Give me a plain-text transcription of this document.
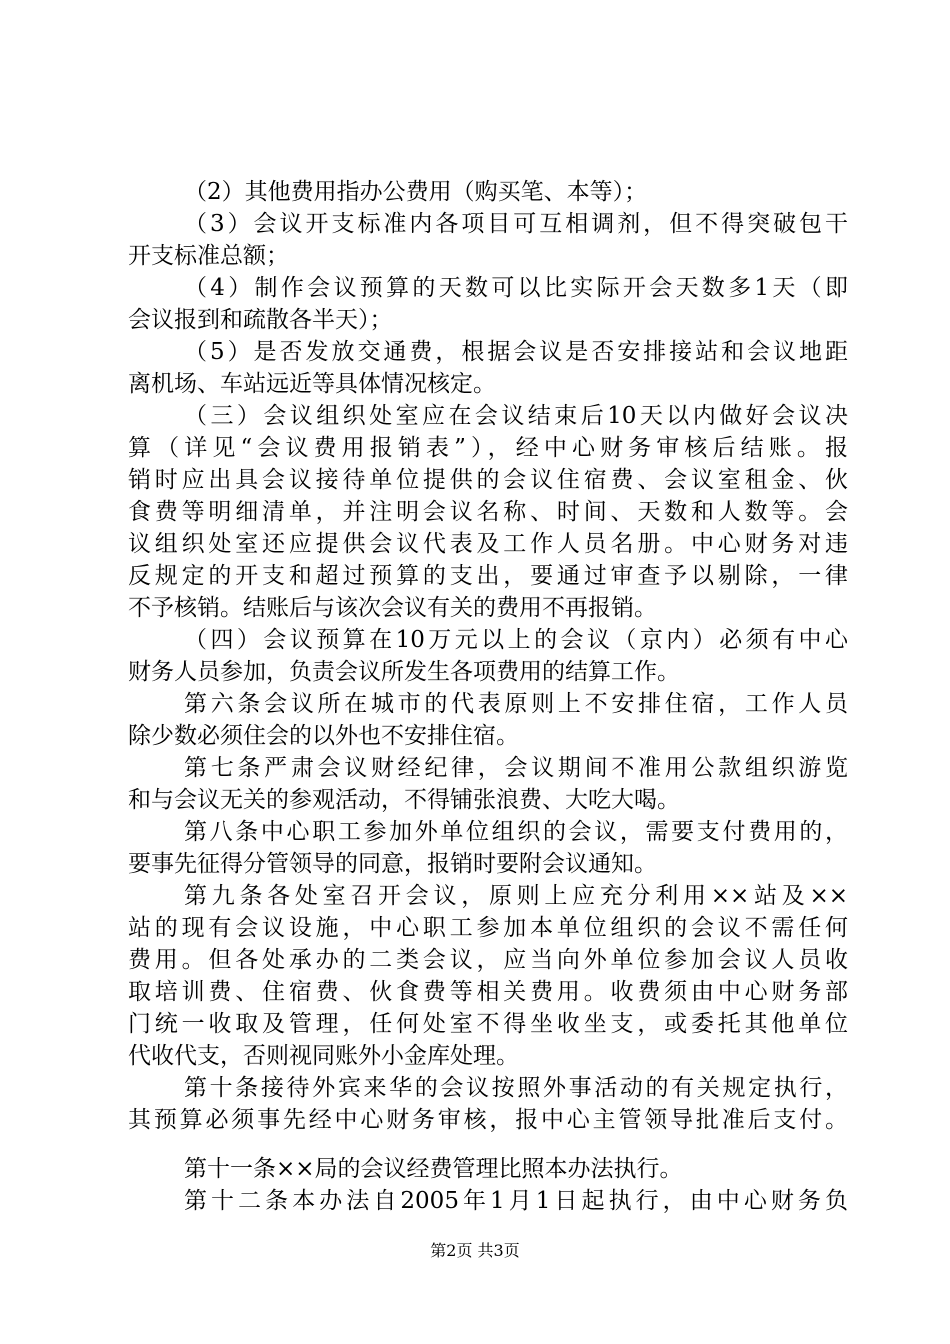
（2）其他费用指办公费用（购买笔、本等）；
（3）会议开支标准内各项目可互相调剂，但不得突破包干
开支标准总额；
（4）制作会议预算的天数可以比实际开会天数多1天（即
会议报到和疏散各半天）；
（5）是否发放交通费，根据会议是否安排接站和会议地距
离机场、车站远近等具体情况核定。
（三）会议组织处室应在会议结束后10天以内做好会议决
算（详见“会议费用报销表”），经中心财务审核后结账。报
销时应出具会议接待单位提供的会议住宿费、会议室租金、伙
食费等明细清单，并注明会议名称、时间、天数和人数等。会
议组织处室还应提供会议代表及工作人员名册。中心财务对违
反规定的开支和超过预算的支出，要通过审查予以剔除，一律
不予核销。结账后与该次会议有关的费用不再报销。
（四）会议预算在10万元以上的会议（京内）必须有中心
财务人员参加，负责会议所发生各项费用的结算工作。
第六条会议所在城市的代表原则上不安排住宿，工作人员
除少数必须住会的以外也不安排住宿。
第七条严肃会议财经纪律，会议期间不准用公款组织游览
和与会议无关的参观活动，不得铺张浪费、大吃大喝。
第八条中心职工参加外单位组织的会议，需要支付费用的，
要事先征得分管领导的同意，报销时要附会议通知。
第九条各处室召开会议，原则上应充分利用××站及××
站的现有会议设施，中心职工参加本单位组织的会议不需任何
费用。但各处承办的二类会议，应当向外单位参加会议人员收
取培训费、住宿费、伙食费等相关费用。收费须由中心财务部
门统一收取及管理，任何处室不得坐收坐支，或委托其他单位
代收代支，否则视同账外小金库处理。
第十条接待外宾来华的会议按照外事活动的有关规定执行，
其预算必须事先经中心财务审核，报中心主管领导批准后支付。
第十一条××局的会议经费管理比照本办法执行。
第十二条本办法自2005年1月1日起执行，由中心财务负
第2页 共3页
